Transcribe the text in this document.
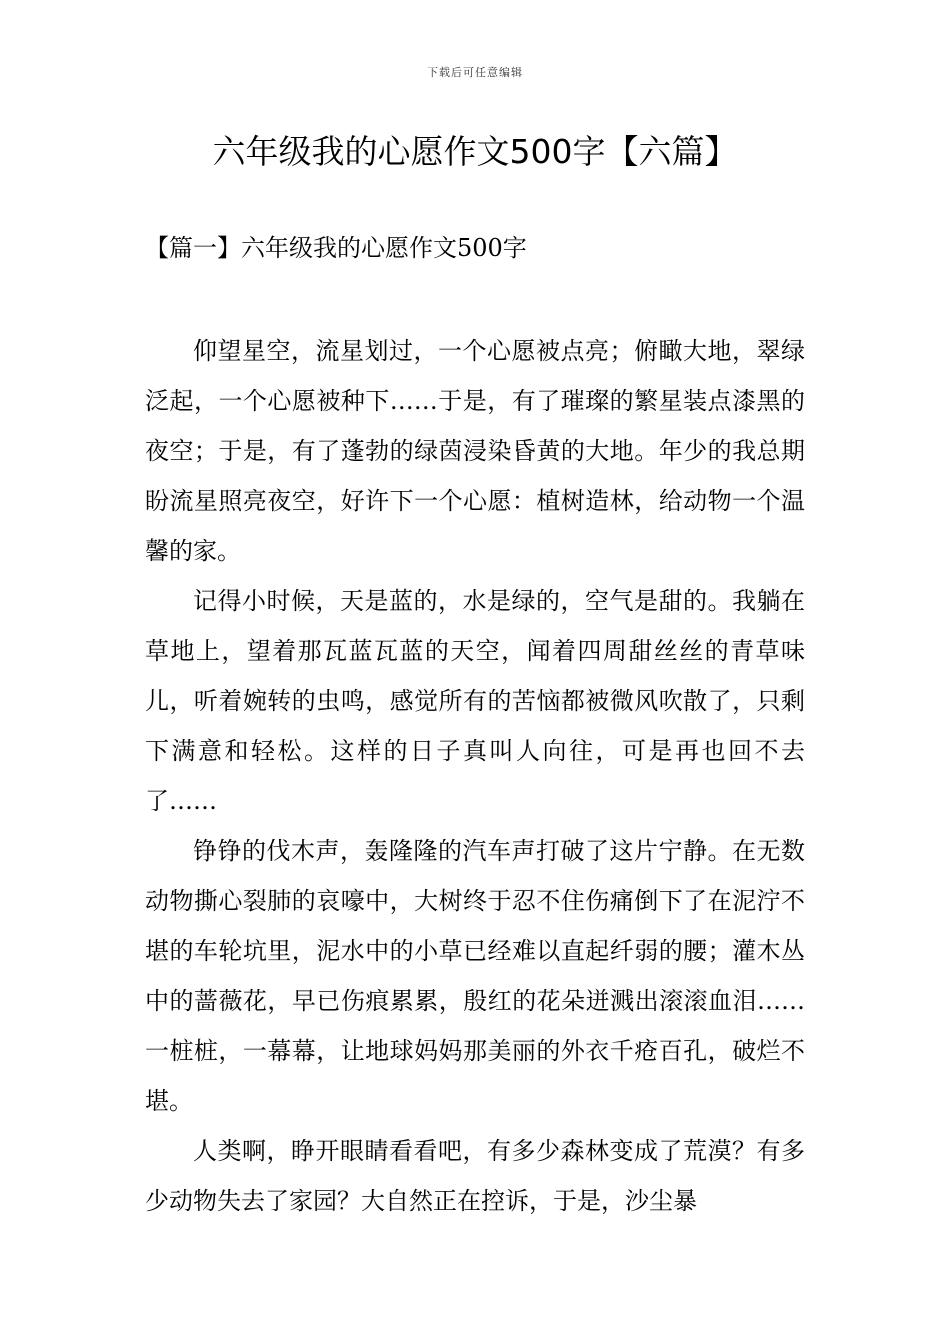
下载后可任意编辑
六年级我的心愿作文500字【六篇】
【篇一】六年级我的心愿作文500字

仰望星空，流星划过，一个心愿被点亮；俯瞰大地，翠绿泛起，一个心愿被种下……于是，有了璀璨的繁星装点漆黑的夜空；于是，有了蓬勃的绿茵浸染昏黄的大地。年少的我总期盼流星照亮夜空，好许下一个心愿：植树造林，给动物一个温馨的家。

记得小时候，天是蓝的，水是绿的，空气是甜的。我躺在草地上，望着那瓦蓝瓦蓝的天空，闻着四周甜丝丝的青草味儿，听着婉转的虫鸣，感觉所有的苦恼都被微风吹散了，只剩下满意和轻松。这样的日子真叫人向往，可是再也回不去了……

铮铮的伐木声，轰隆隆的汽车声打破了这片宁静。在无数动物撕心裂肺的哀嚎中，大树终于忍不住伤痛倒下了在泥泞不堪的车轮坑里，泥水中的小草已经难以直起纤弱的腰；灌木丛中的蔷薇花，早已伤痕累累，殷红的花朵迸溅出滚滚血泪……一桩桩，一幕幕，让地球妈妈那美丽的外衣千疮百孔，破烂不堪。

人类啊，睁开眼睛看看吧，有多少森林变成了荒漠？有多少动物失去了家园？大自然正在控诉，于是，沙尘暴
